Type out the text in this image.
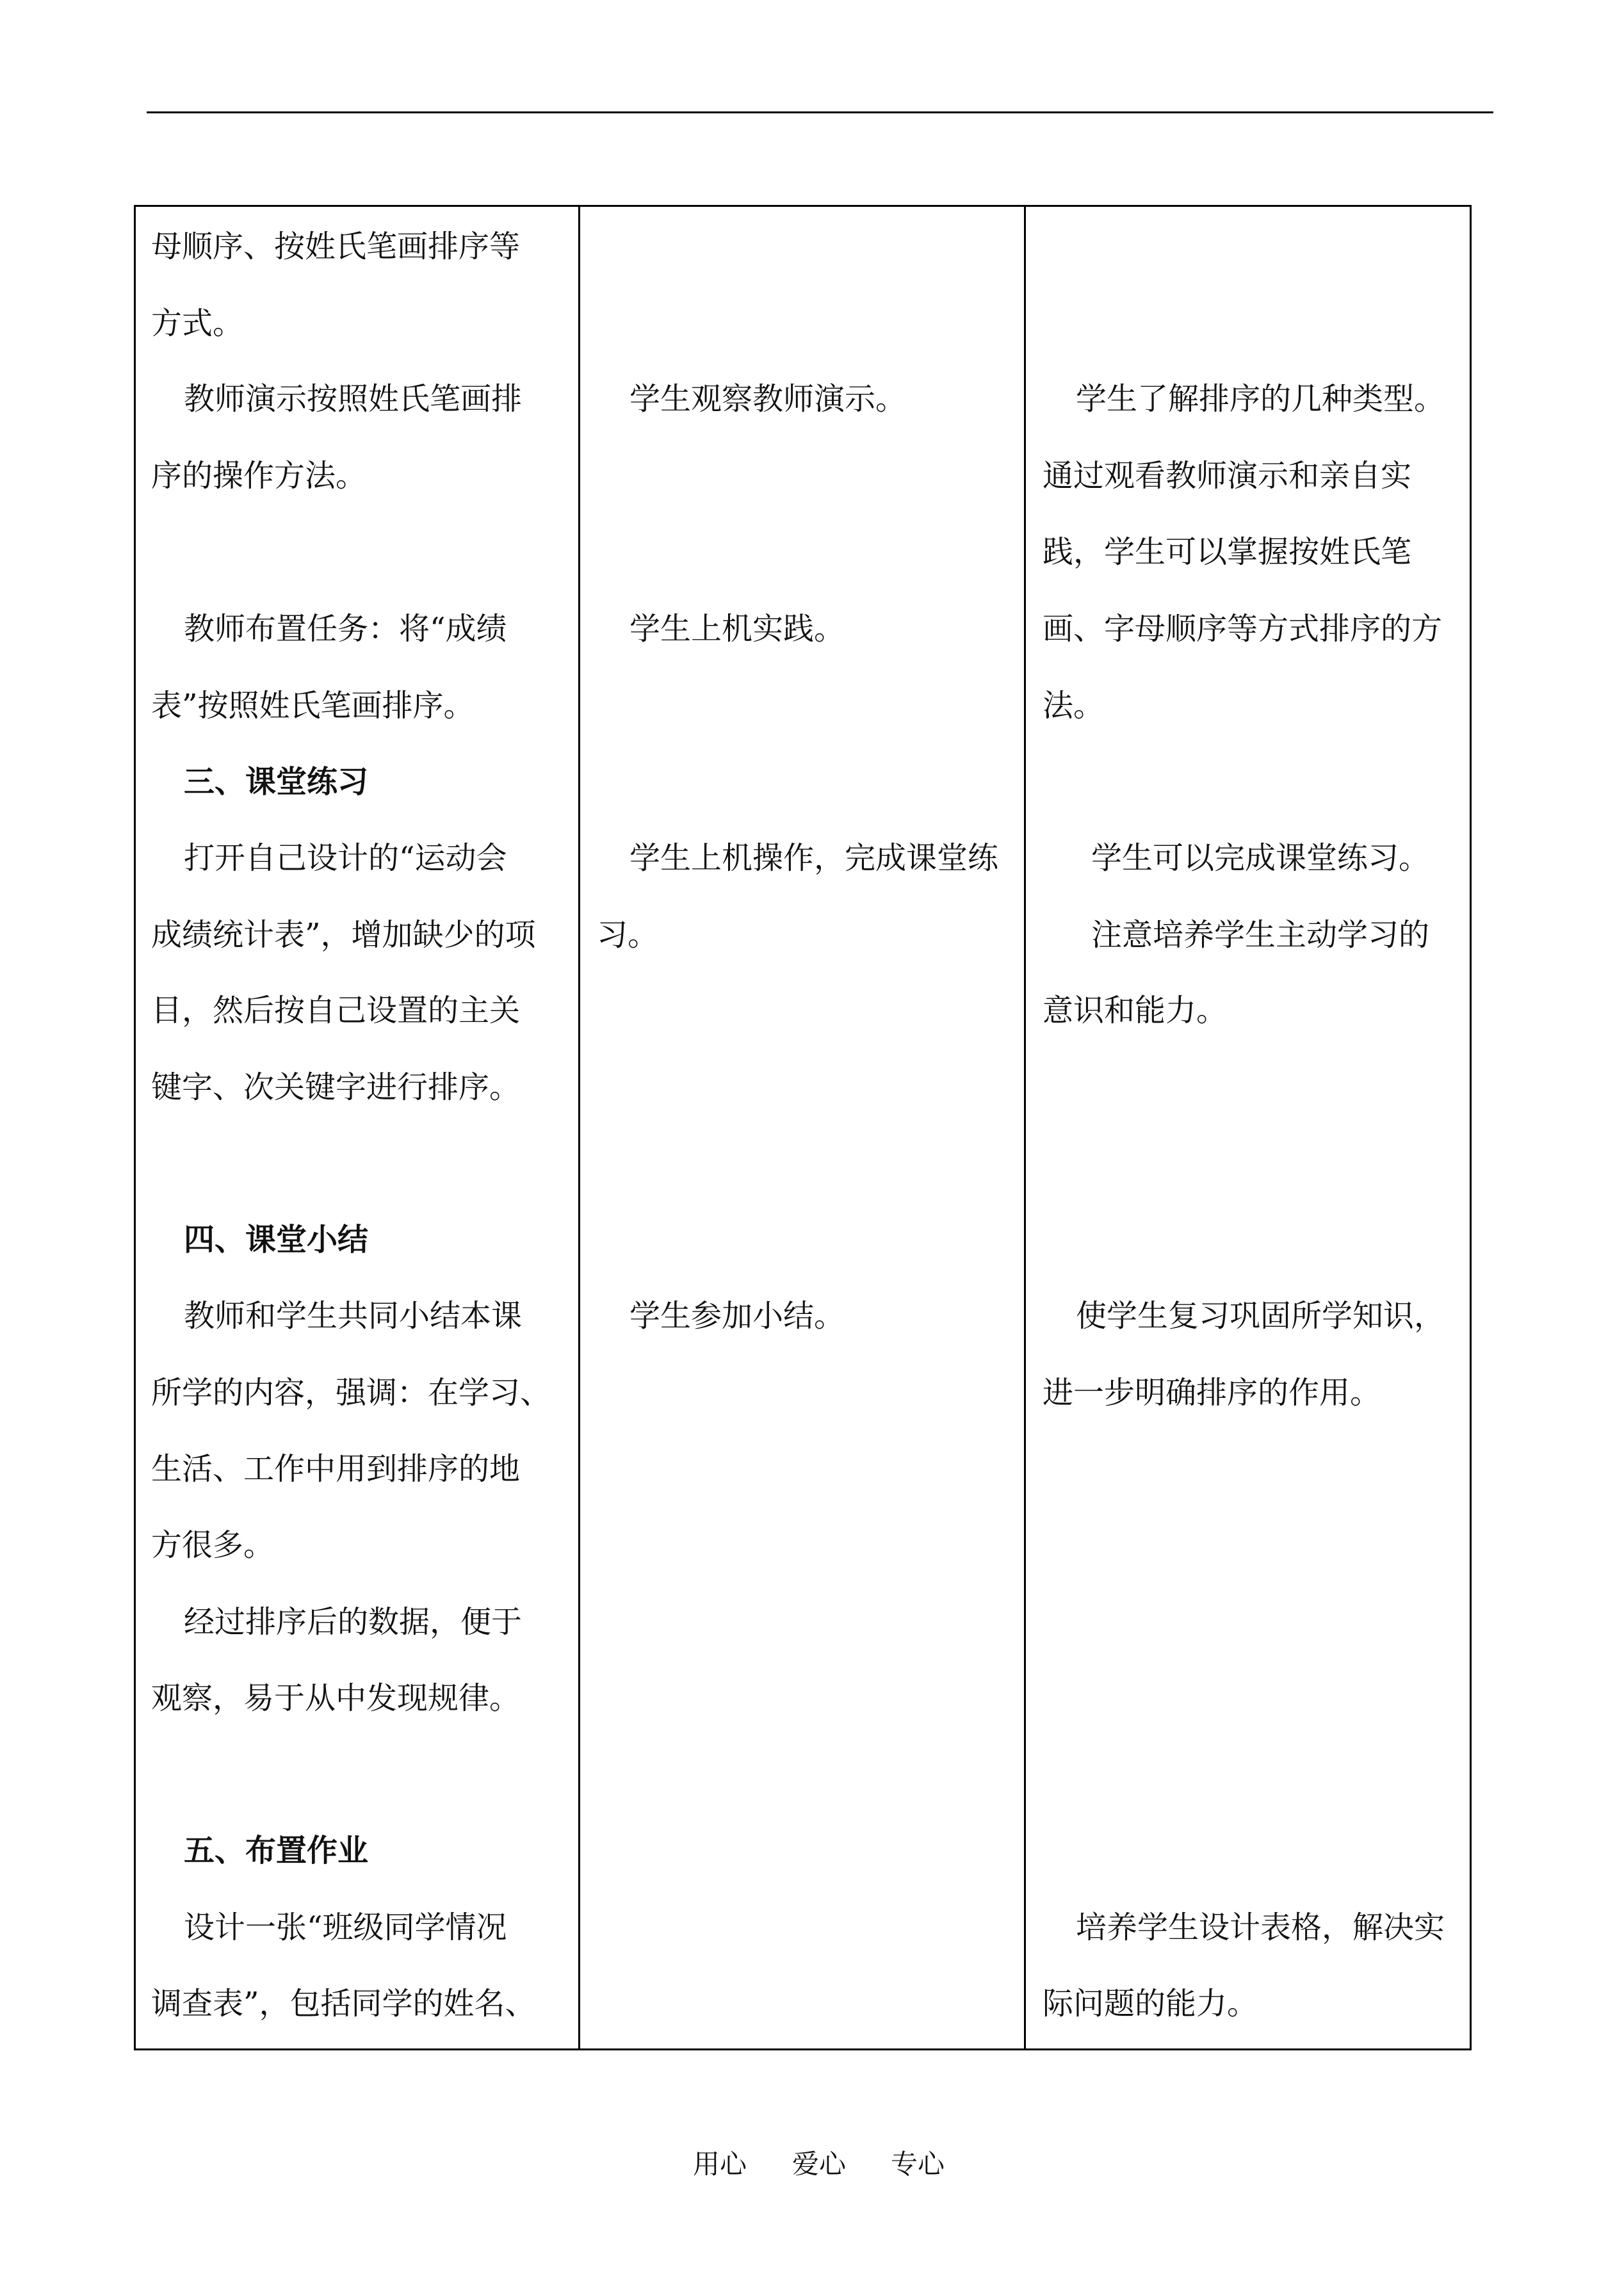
母顺序、按姓氏笔画排序等
方式。
教师演示按照姓氏笔画排
序的操作方法。
教师布置任务：将“成绩
表”按照姓氏笔画排序。
三、课堂练习
打开自己设计的“运动会
成绩统计表”，增加缺少的项
目，然后按自己设置的主关
键字、次关键字进行排序。
四、课堂小结
教师和学生共同小结本课
所学的内容，强调：在学习、
生活、工作中用到排序的地
方很多。
经过排序后的数据，便于
观察，易于从中发现规律。
五、布置作业
设计一张“班级同学情况
调查表”，包括同学的姓名、
学生观察教师演示。
学生上机实践。
学生上机操作，完成课堂练
习。
学生参加小结。
学生了解排序的几种类型。
通过观看教师演示和亲自实
践，学生可以掌握按姓氏笔
画、字母顺序等方式排序的方
法。
学生可以完成课堂练习。
注意培养学生主动学习的
意识和能力。
使学生复习巩固所学知识，
进一步明确排序的作用。
培养学生设计表格，解决实
际问题的能力。
用心 爱心 专心
